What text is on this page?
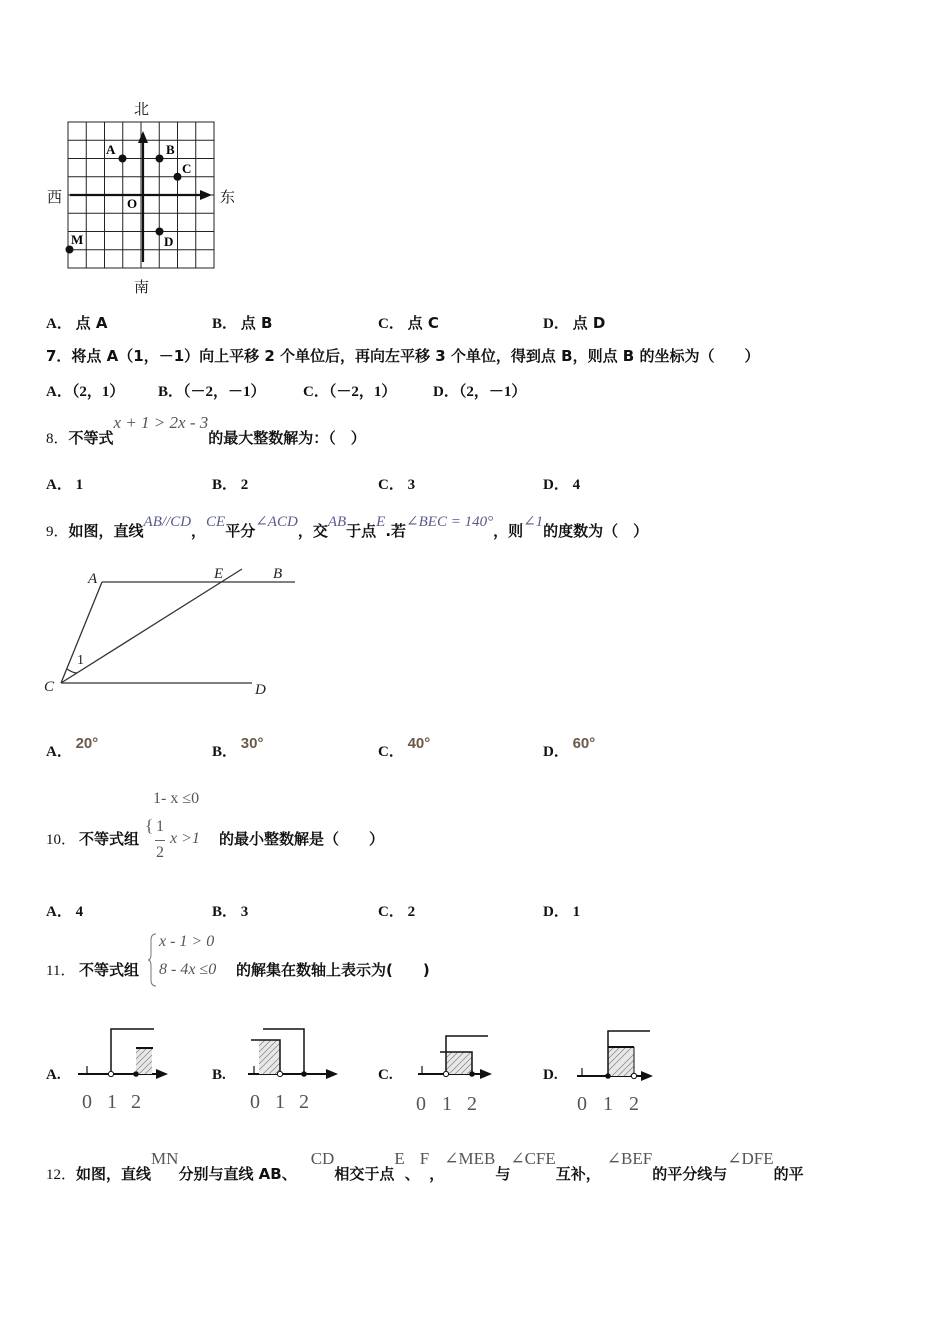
A	B
C
D
M
O
北
南
西	东
A． 点 A	B． 点 B	C． 点 C	D． 点 D
7．将点 A（1，－1）向上平移 2 个单位后，再向左平移 3 个单位，得到点 B，则点 B 的坐标为（　　）
A．（2，1） B．（－2，－1） C．（－2，1） D．（2，－1）
8．不等式x + 1 > 2x - 3的最大整数解为：（　）
A． 1	B． 2	C． 3	D． 4
9．如图，直线AB//CD，CE平分∠ACD，交AB于点E.若∠BEC = 140°，则∠1的度数为（　）
A	E	B
C	D
1
A． 20°	B． 30°	C． 40°	D． 60°
1- x ≤0
10． 不等式组
{ 1
2
x >1 的最小整数解是（　　）
A． 4	B． 3	C． 2	D． 1
11． 不等式组
x - 1 > 0
8 - 4x ≤0 的解集在数轴上表示为(　　)
A.
0 1 2
B.
0 1 2
C.
0 1 2
D.
0 1 2
12．如图，直线MN分别与直线 AB、CD相交于点E、F，∠MEB与∠CFE互补，∠BEF的平分线与∠DFE的平
